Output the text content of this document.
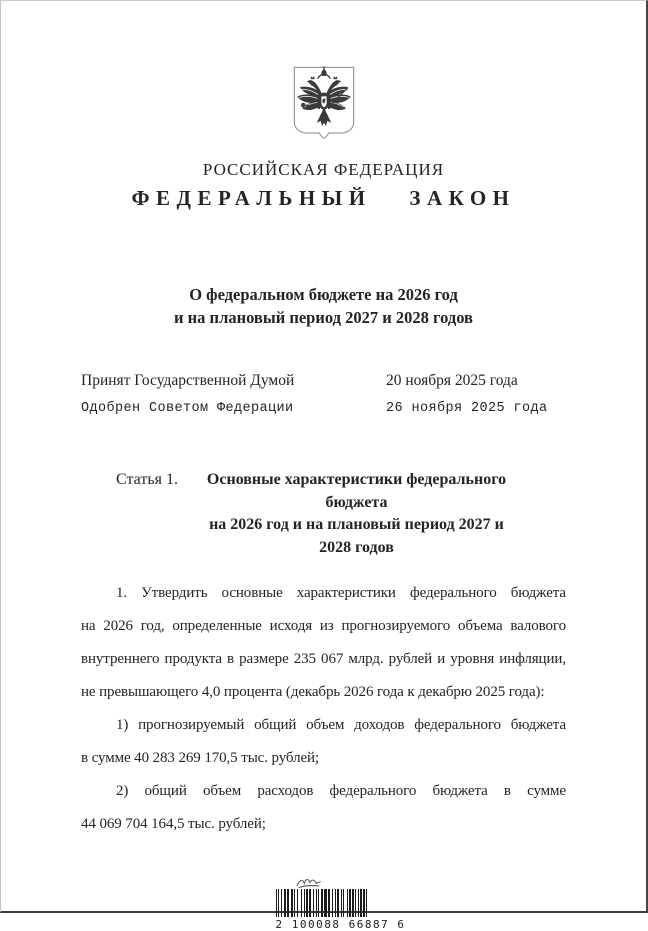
РОССИЙСКАЯ ФЕДЕРАЦИЯ
ФЕДЕРАЛЬНЫЙ ЗАКОН
О федеральном бюджете на 2026 год
и на плановый период 2027 и 2028 годов
Принят Государственной Думой	20 ноября 2025 года
Одобрен Советом Федерации	26 ноября 2025 года
Статья 1.	Основные характеристики федерального бюджета
на 2026 год и на плановый период 2027 и 2028 годов
1. Утвердить основные характеристики федерального бюджета
на 2026 год, определенные исходя из прогнозируемого объема валового
внутреннего продукта в размере 235 067 млрд. рублей и уровня инфляции,
не превышающего 4,0 процента (декабрь 2026 года к декабрю 2025 года):
1) прогнозируемый общий объем доходов федерального бюджета
в сумме 40 283 269 170,5 тыс. рублей;
2) общий объем расходов федерального бюджета в сумме
44 069 704 164,5 тыс. рублей;
2 100088 66887 6
